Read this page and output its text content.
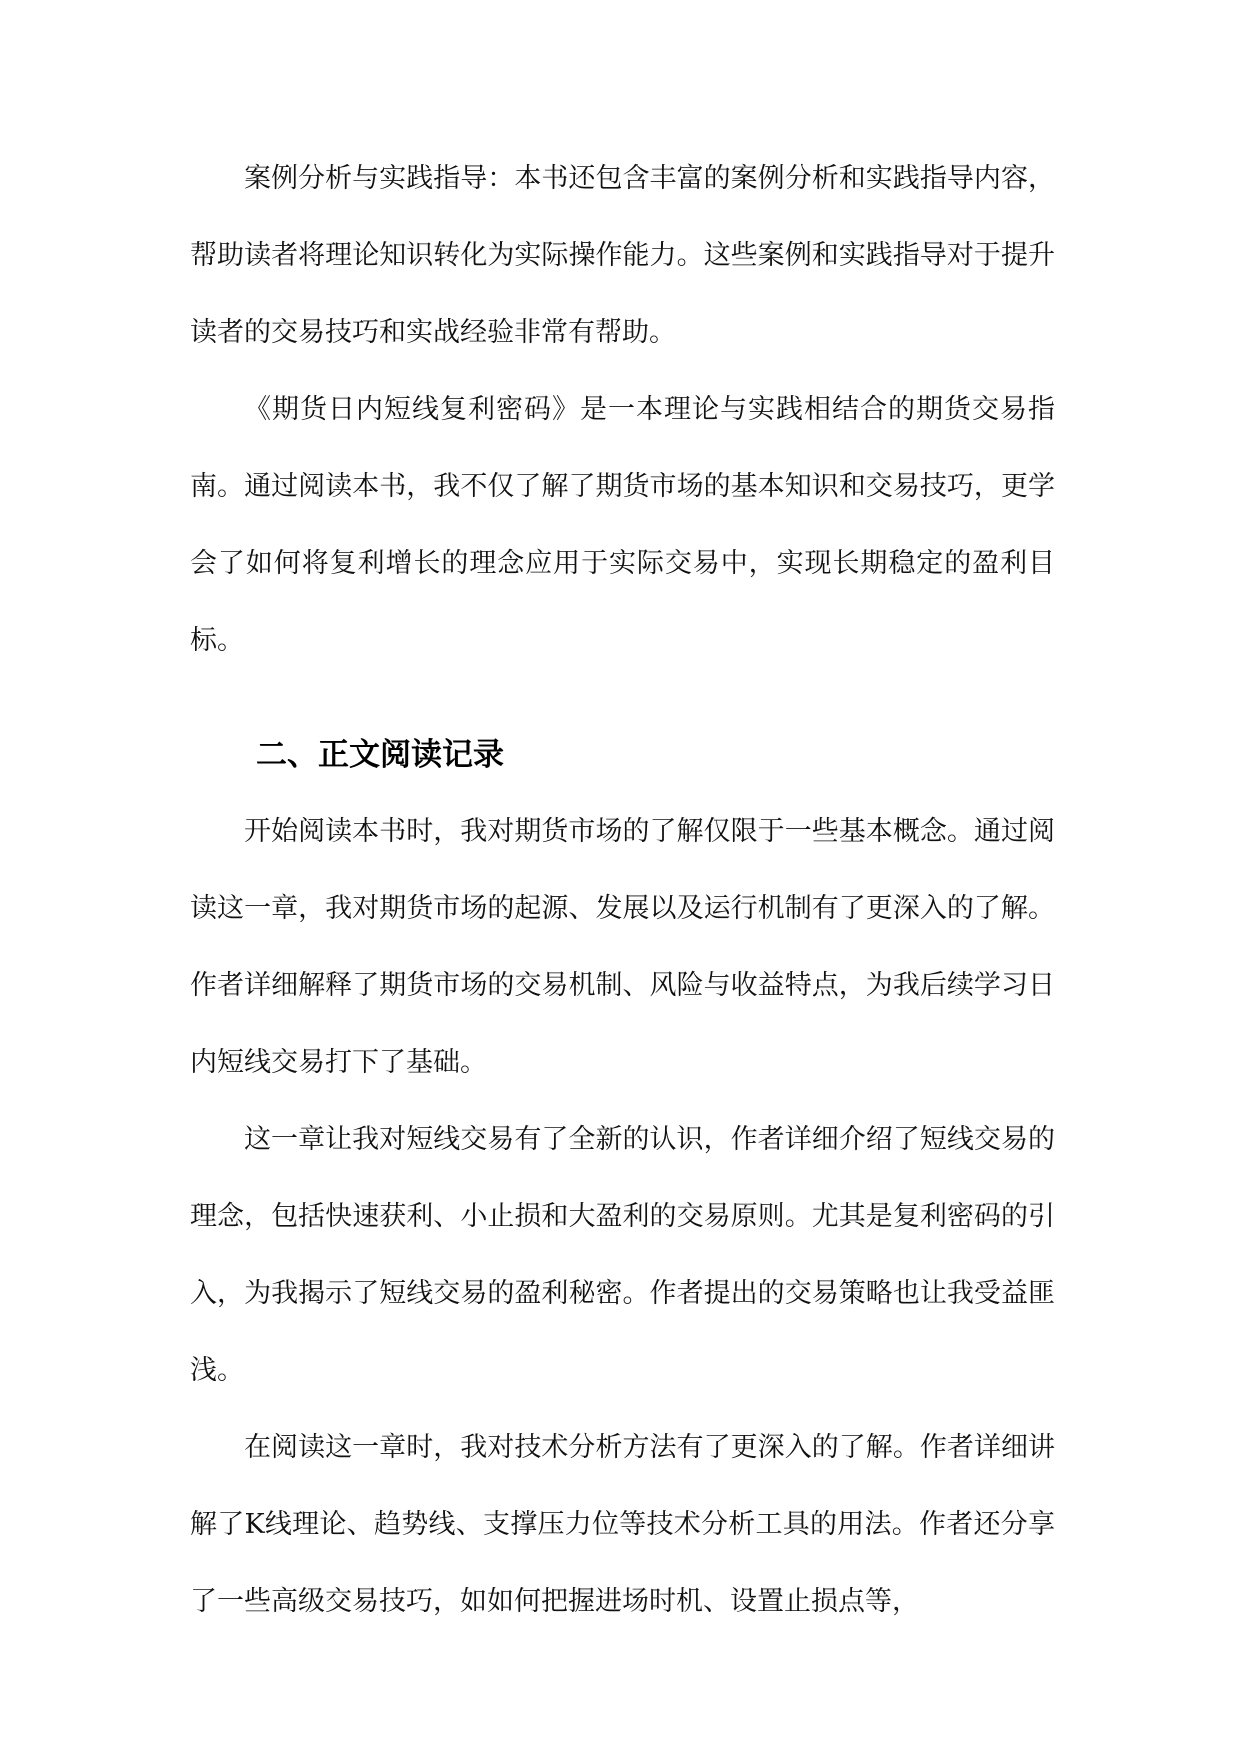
案例分析与实践指导：本书还包含丰富的案例分析和实践指导内容，帮助读者将理论知识转化为实际操作能力。这些案例和实践指导对于提升读者的交易技巧和实战经验非常有帮助。

《期货日内短线复利密码》是一本理论与实践相结合的期货交易指南。通过阅读本书，我不仅了解了期货市场的基本知识和交易技巧，更学会了如何将复利增长的理念应用于实际交易中，实现长期稳定的盈利目标。

二、正文阅读记录

开始阅读本书时，我对期货市场的了解仅限于一些基本概念。通过阅读这一章，我对期货市场的起源、发展以及运行机制有了更深入的了解。作者详细解释了期货市场的交易机制、风险与收益特点，为我后续学习日内短线交易打下了基础。

这一章让我对短线交易有了全新的认识，作者详细介绍了短线交易的理念，包括快速获利、小止损和大盈利的交易原则。尤其是复利密码的引入，为我揭示了短线交易的盈利秘密。作者提出的交易策略也让我受益匪浅。

在阅读这一章时，我对技术分析方法有了更深入的了解。作者详细讲解了K线理论、趋势线、支撑压力位等技术分析工具的用法。作者还分享了一些高级交易技巧，如如何把握进场时机、设置止损点等，
